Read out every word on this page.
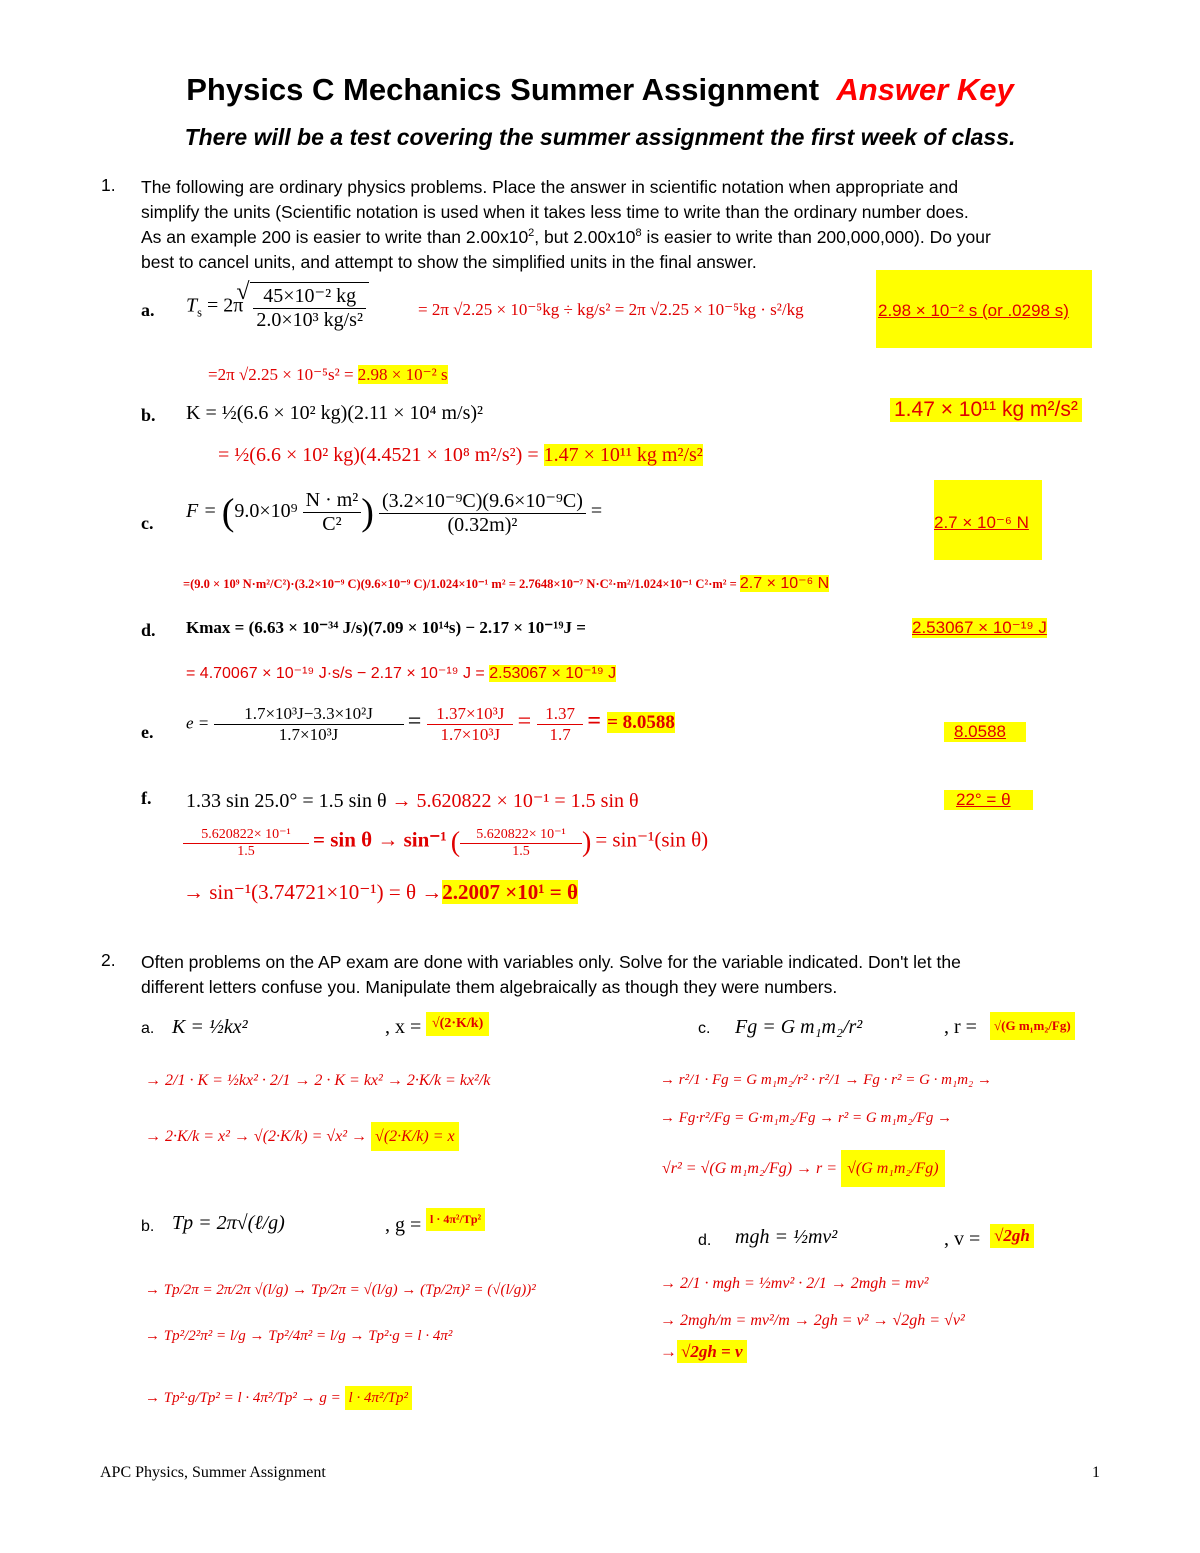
Physics C Mechanics Summer Assignment Answer Key
There will be a test covering the summer assignment the first week of class.
1. The following are ordinary physics problems. Place the answer in scientific notation when appropriate and
simplify the units (Scientific notation is used when it takes less time to write than the ordinary number does.
As an example 200 is easier to write than $2.00x10^2$, but $2.00x10^8$ is easier to write than 200,000,000). Do your
best to cancel units, and attempt to show the simplified units in the final answer.
a. $T_s = 2\pi$
√ $\frac{\text{45×10⁻² kg}}{\text{2.0×10³ kg/s²}}$	= 2π √2.25 × 10⁻⁵kg ÷ kg/s² = 2π √2.25 × 10⁻⁵kg · s²/kg	2.98 × 10⁻² s (or .0298 s)
=2π √2.25 × 10⁻⁵s² = 2.98 × 10⁻² s
b. K = ½(6.6 × 10² kg)(2.11 × 10⁴ m/s)²	1.47 × 10¹¹ kg m²/s²
= ½(6.6 × 10² kg)(4.4521 × 10⁸ m²/s²) = 1.47 × 10¹¹ kg m²/s²
c.
$F = (9.0\times 10^9 \frac{\text{N · m²}}{\text{C²}}$ ) $\frac{\text{(3.2×10⁻⁹C)(9.6×10⁻⁹C)}}{\text{(0.32m)²}}$ =
2.7 × 10⁻⁶ N
=(9.0 × 10⁹ N·m²/C²)·(3.2×10⁻⁹ C)(9.6×10⁻⁹ C)/1.024×10⁻¹ m² = 2.7648×10⁻⁷ N·C²·m²/1.024×10⁻¹ C²·m² = 2.7 × 10⁻⁶ N
d. Kmax = (6.63 × 10⁻³⁴ J/s)(7.09 × 10¹⁴s) − 2.17 × 10⁻¹⁹J =	2.53067 × 10⁻¹⁹ J
= 4.70067 × 10⁻¹⁹ J·s/s − 2.17 × 10⁻¹⁹ J = 2.53067 × 10⁻¹⁹ J
e. $e = \frac{\text{1.7×10³J−3.3×10²J}}{\text{1.7×10³J}} = \frac{\text{1.37×10³J}}{\text{1.7×10³J}} = \frac{1.37}{1.7}$ = = 8.0588	8.0588
f. 1.33 sin 25.0° = 1.5 sin θ → 5.620822 × 10⁻¹ = 1.5 sin θ	22° = θ
$\frac{\text{5.620822× 10⁻¹}}{1.5} = \sin \theta \to \sin^{-1}$ ( $\frac{\text{5.620822× 10⁻¹}}{1.5}$ ) = sin⁻¹(sin θ)
→ sin⁻¹(3.74721×10⁻¹) = θ →2.2007 ×10¹ = θ
2. Often problems on the AP exam are done with variables only. Solve for the variable indicated. Don't let the
different letters confuse you. Manipulate them algebraically as though they were numbers.
a. K = ½kx²	, x = √(2·K/k)
→ 2/1 · K = ½kx² · 2/1 → 2 · K = kx² → 2·K/k = kx²/k
→ 2·K/k = x² → √(2·K/k) = √x² → √(2·K/k) = x
b. Tp = 2π√(ℓ/g)	, g = l · 4π²/Tp²
→ Tp/2π = 2π/2π √(l/g) → Tp/2π = √(l/g) → (Tp/2π)² = (√(l/g))²
→ Tp²/2²π² = l/g → Tp²/4π² = l/g → Tp²·g = l · 4π²
→ Tp²·g/Tp² = l · 4π²/Tp² → g = l · 4π²/Tp²
c. Fg = G m₁m₂/r²	, r =	√(G m₁m₂/Fg)
→ r²/1 · Fg = G m₁m₂/r² · r²/1 → Fg · r² = G · m₁m₂ →
→ Fg·r²/Fg = G·m₁m₂/Fg → r² = G m₁m₂/Fg →
√r² = √(G m₁m₂/Fg) → r = √(G m₁m₂/Fg)
d. mgh = ½mv²	, v = √2gh
→ 2/1 · mgh = ½mv² · 2/1 → 2mgh = mv²
→ 2mgh/m = mv²/m → 2gh = v² → √2gh = √v²
→ √2gh = v
APC Physics, Summer Assignment	1
